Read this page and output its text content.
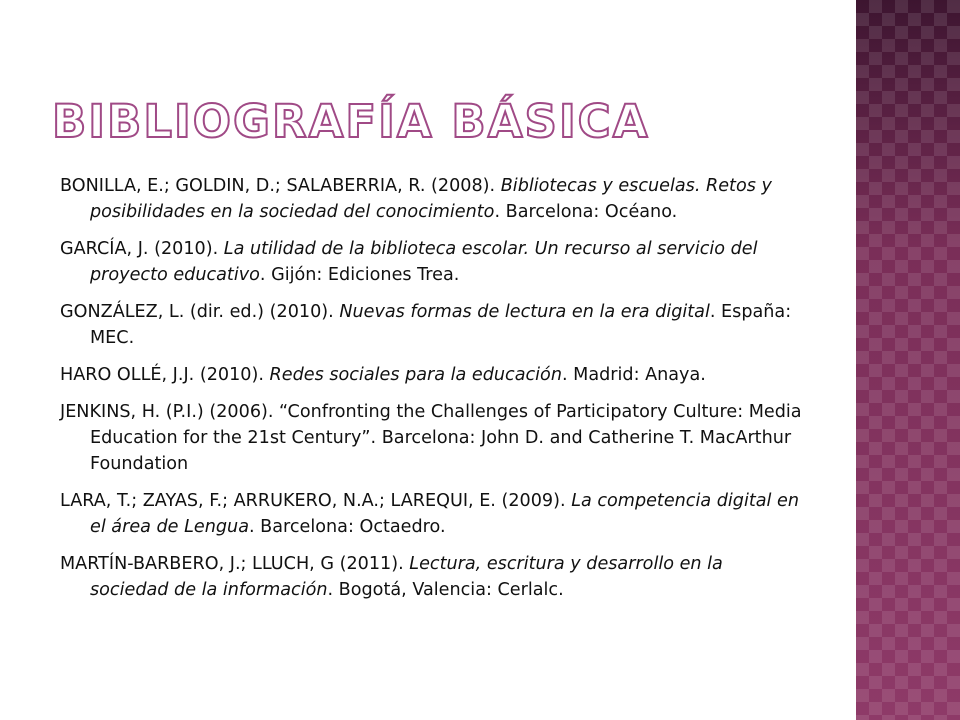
BIBLIOGRAFÍA BÁSICA
BONILLA, E.; GOLDIN, D.; SALABERRIA, R. (2008). Bibliotecas y escuelas. Retos y posibilidades en la sociedad del conocimiento. Barcelona: Océano.
GARCÍA, J. (2010). La utilidad de la biblioteca escolar. Un recurso al servicio del proyecto educativo. Gijón: Ediciones Trea.
GONZÁLEZ, L. (dir. ed.) (2010). Nuevas formas de lectura en la era digital. España: MEC.
HARO OLLÉ, J.J. (2010). Redes sociales para la educación. Madrid: Anaya.
JENKINS, H. (P.I.) (2006). “Confronting the Challenges of Participatory Culture: Media Education for the 21st Century”. Barcelona: John D. and Catherine T. MacArthur Foundation
LARA, T.; ZAYAS, F.; ARRUKERO, N.A.; LAREQUI, E. (2009). La competencia digital en el área de Lengua. Barcelona: Octaedro.
MARTÍN-BARBERO, J.; LLUCH, G (2011). Lectura, escritura y desarrollo en la sociedad de la información. Bogotá, Valencia: Cerlalc.
